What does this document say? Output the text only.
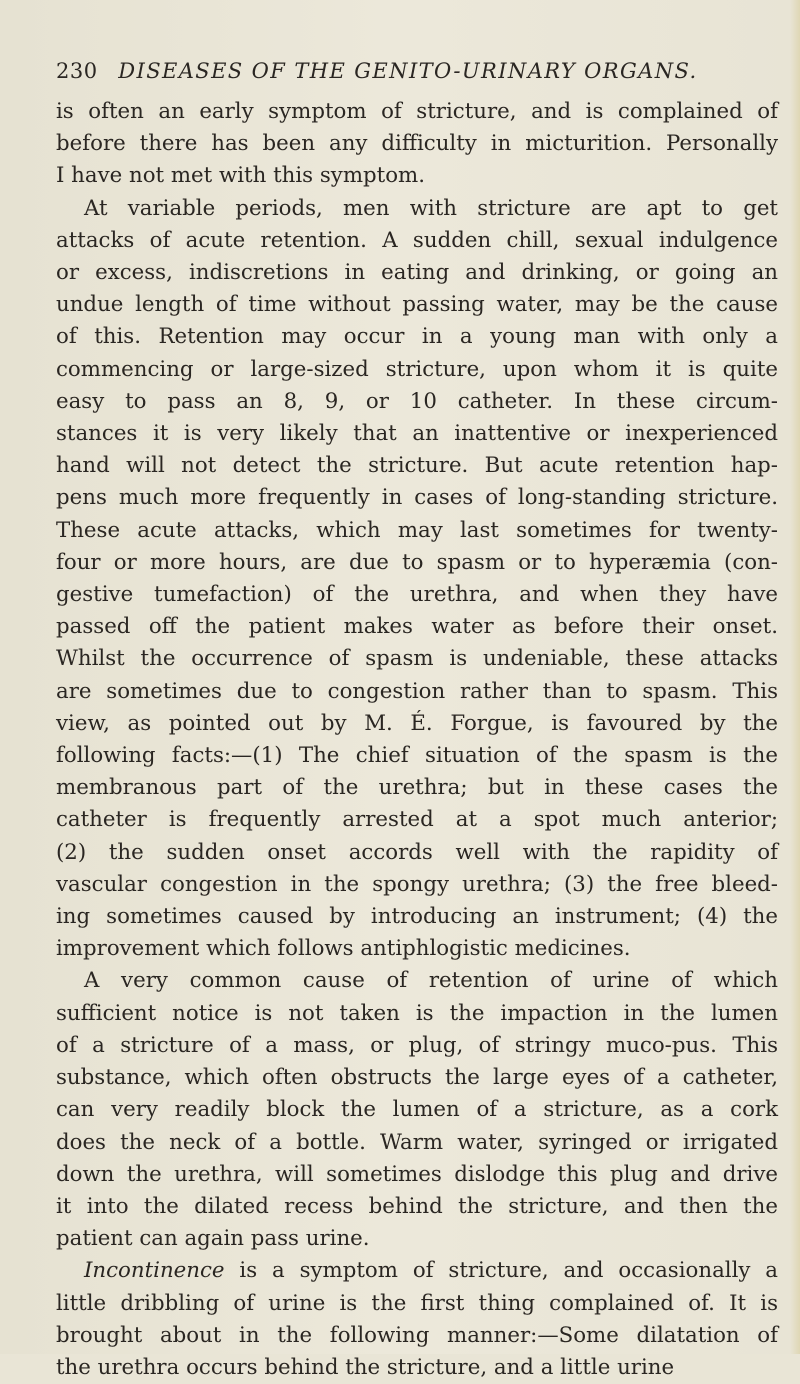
230 DISEASES OF THE GENITO-URINARY ORGANS.
is often an early symptom of stricture, and is complained of
before there has been any difficulty in micturition. Personally
I have not met with this symptom.
At variable periods, men with stricture are apt to get
attacks of acute retention. A sudden chill, sexual indulgence
or excess, indiscretions in eating and drinking, or going an
undue length of time without passing water, may be the cause
of this. Retention may occur in a young man with only a
commencing or large-sized stricture, upon whom it is quite
easy to pass an 8, 9, or 10 catheter. In these circum-
stances it is very likely that an inattentive or inexperienced
hand will not detect the stricture. But acute retention hap-
pens much more frequently in cases of long-standing stricture.
These acute attacks, which may last sometimes for twenty-
four or more hours, are due to spasm or to hyperæmia (con-
gestive tumefaction) of the urethra, and when they have
passed off the patient makes water as before their onset.
Whilst the occurrence of spasm is undeniable, these attacks
are sometimes due to congestion rather than to spasm. This
view, as pointed out by M. É. Forgue, is favoured by the
following facts:—(1) The chief situation of the spasm is the
membranous part of the urethra; but in these cases the
catheter is frequently arrested at a spot much anterior;
(2) the sudden onset accords well with the rapidity of
vascular congestion in the spongy urethra; (3) the free bleed-
ing sometimes caused by introducing an instrument; (4) the
improvement which follows antiphlogistic medicines.
A very common cause of retention of urine of which
sufficient notice is not taken is the impaction in the lumen
of a stricture of a mass, or plug, of stringy muco-pus. This
substance, which often obstructs the large eyes of a catheter,
can very readily block the lumen of a stricture, as a cork
does the neck of a bottle. Warm water, syringed or irrigated
down the urethra, will sometimes dislodge this plug and drive
it into the dilated recess behind the stricture, and then the
patient can again pass urine.
Incontinence is a symptom of stricture, and occasionally a
little dribbling of urine is the first thing complained of. It is
brought about in the following manner:—Some dilatation of
the urethra occurs behind the stricture, and a little urine
